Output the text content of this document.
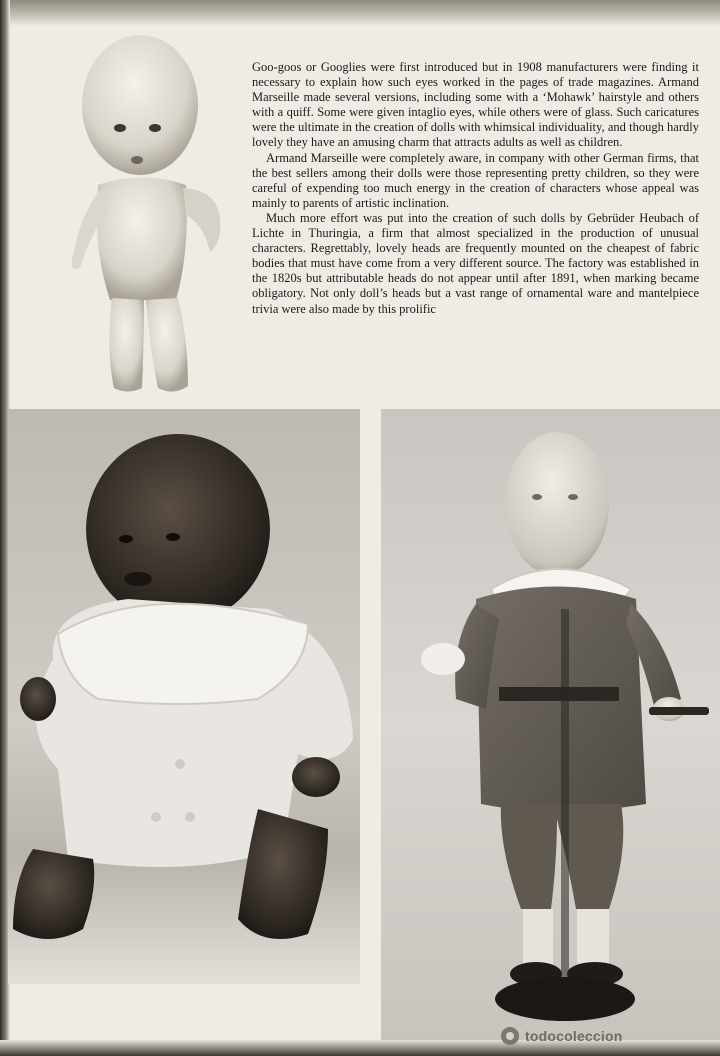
Goo-goos or Googlies were first introduced but in 1908 manufacturers were finding it necessary to explain how such eyes worked in the pages of trade magazines. Armand Marseille made several versions, including some with a ‘Mohawk’ hairstyle and others with a quiff. Some were given intaglio eyes, while others were of glass. Such caricatures were the ultimate in the creation of dolls with whimsical individuality, and though hardly lovely they have an amusing charm that attracts adults as well as children.

Armand Marseille were completely aware, in company with other German firms, that the best sellers among their dolls were those representing pretty children, so they were careful of expending too much energy in the creation of characters whose appeal was mainly to parents of artistic inclination.

Much more effort was put into the creation of such dolls by Gebrüder Heubach of Lichte in Thuringia, a firm that almost specialized in the production of unusual characters. Regrettably, lovely heads are frequently mounted on the cheapest of fabric bodies that must have come from a very different source. The factory was established in the 1820s but attributable heads do not appear until after 1891, when marking became obligatory. Not only doll’s heads but a vast range of ornamental ware and mantelpiece trivia were also made by this prolific

todocoleccion
